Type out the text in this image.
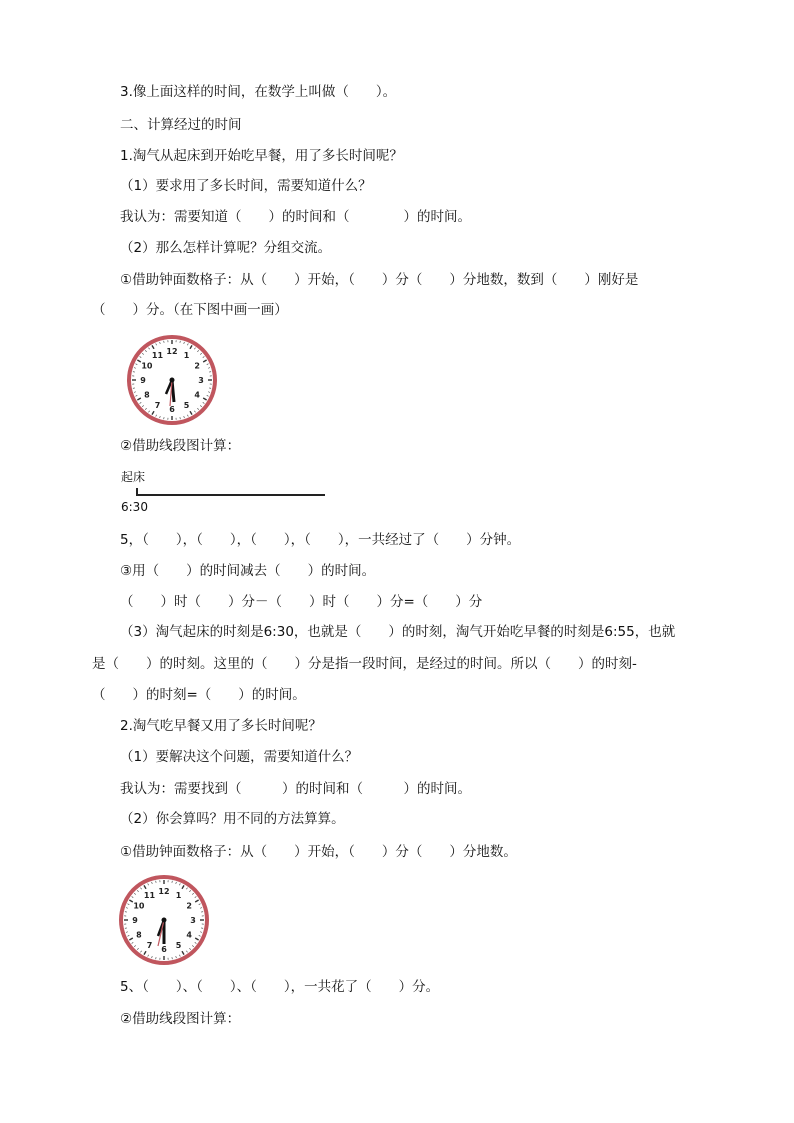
3.像上面这样的时间，在数学上叫做（　　）。
二、计算经过的时间
1.淘气从起床到开始吃早餐，用了多长时间呢？
（1）要求用了多长时间，需要知道什么？
我认为：需要知道（　　）的时间和（　　　　）的时间。
（2）那么怎样计算呢？分组交流。
①借助钟面数格子：从（　　）开始，（　　）分（　　）分地数，数到（　　）刚好是
（　　）分。（在下图中画一画）
12 1
2
3
4
5
6
7
8
9
10
11
②借助线段图计算：
起床
6:30
5，（　　），（　　），（　　），（　　），一共经过了（　　）分钟。
③用（　　）的时间减去（　　）的时间。
（　　）时（　　）分－（　　）时（　　）分=（　　）分
（3）淘气起床的时刻是6:30，也就是（　　）的时刻，淘气开始吃早餐的时刻是6:55，也就
是（　　）的时刻。这里的（　　）分是指一段时间，是经过的时间。所以（　　）的时刻-
（　　）的时刻=（　　）的时间。
2.淘气吃早餐又用了多长时间呢？
（1）要解决这个问题，需要知道什么？
我认为：需要找到（　　　）的时间和（　　　）的时间。
（2）你会算吗？用不同的方法算算。
①借助钟面数格子：从（　　）开始，（　　）分（　　）分地数。
12 1
2
3
4
5
6
7
8
9
10
11
5、（　　）、（　　）、（　　），一共花了（　　）分。
②借助线段图计算：
